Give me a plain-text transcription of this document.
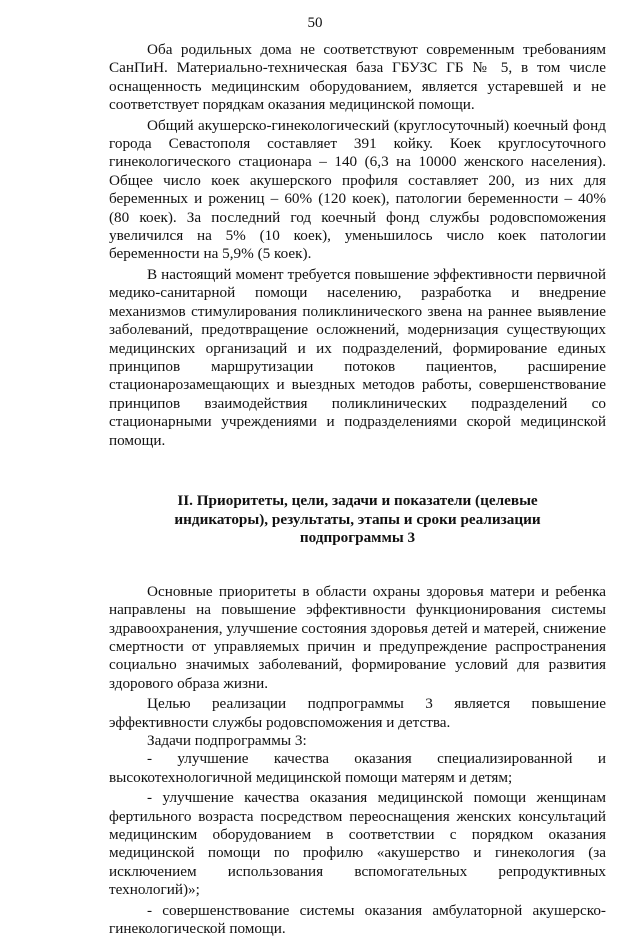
50

Оба родильных дома не соответствуют современным требованиям СанПиН. Материально-техническая база ГБУЗС ГБ № 5, в том числе оснащенность медицинским оборудованием, является устаревшей и не соответствует порядкам оказания медицинской помощи.

Общий акушерско-гинекологический (круглосуточный) коечный фонд города Севастополя составляет 391 койку. Коек круглосуточного гинекологического стационара – 140 (6,3 на 10000 женского населения). Общее число коек акушерского профиля составляет 200, из них для беременных и рожениц – 60% (120 коек), патологии беременности – 40% (80 коек). За последний год коечный фонд службы родовспоможения увеличился на 5% (10 коек), уменьшилось число коек патологии беременности на 5,9% (5 коек).

В настоящий момент требуется повышение эффективности первичной медико-санитарной помощи населению, разработка и внедрение механизмов стимулирования поликлинического звена на раннее выявление заболеваний, предотвращение осложнений, модернизация существующих медицинских организаций и их подразделений, формирование единых принципов маршрутизации потоков пациентов, расширение стационарозамещающих и выездных методов работы, совершенствование принципов взаимодействия поликлинических подразделений со стационарными учреждениями и подразделениями скорой медицинской помощи.

II. Приоритеты, цели, задачи и показатели (целевые индикаторы), результаты, этапы и сроки реализации подпрограммы 3

Основные приоритеты в области охраны здоровья матери и ребенка направлены на повышение эффективности функционирования системы здравоохранения, улучшение состояния здоровья детей и матерей, снижение смертности от управляемых причин и предупреждение распространения социально значимых заболеваний, формирование условий для развития здорового образа жизни.

Целью реализации подпрограммы 3 является повышение эффективности службы родовспоможения и детства.

Задачи подпрограммы 3:

- улучшение качества оказания специализированной и высокотехнологичной медицинской помощи матерям и детям;

- улучшение качества оказания медицинской помощи женщинам фертильного возраста посредством переоснащения женских консультаций медицинским оборудованием в соответствии с порядком оказания медицинской помощи по профилю «акушерство и гинекология (за исключением использования вспомогательных репродуктивных технологий)»;

- совершенствование системы оказания амбулаторной акушерско-гинекологической помощи.
